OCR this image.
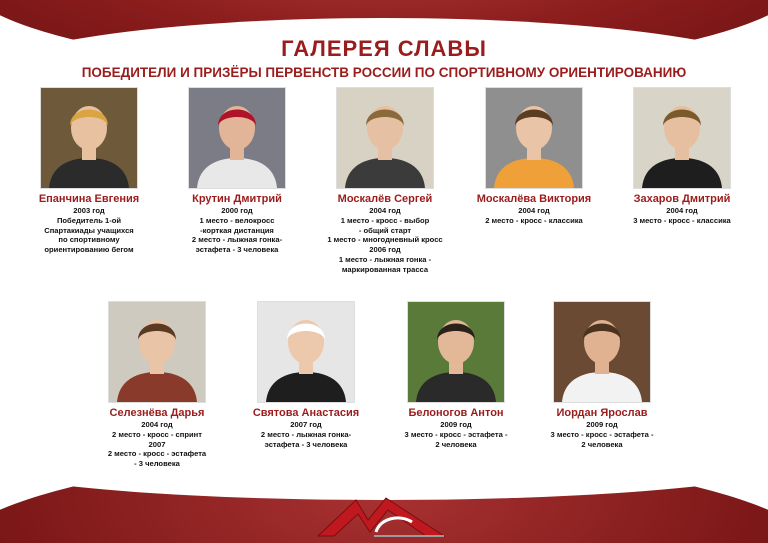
ГАЛЕРЕЯ СЛАВЫ
ПОБЕДИТЕЛИ И ПРИЗЁРЫ ПЕРВЕНСТВ РОССИИ ПО СПОРТИВНОМУ ОРИЕНТИРОВАНИЮ
Епанчина Евгения
2003 год
Победитель 1-ой
Спартакиады учащихся
по спортивному
ориентированию бегом
Крутин Дмитрий
2000 год
1 место - велокросс
-корткая дистанция
2 место - лыжная гонка-
эстафета - 3 человека
Москалёв Сергей
2004 год
1 место - кросс - выбор
- общий старт
1 место - многодневный кросс
2006 год
1 место - лыжная гонка -
маркированная трасса
Москалёва Виктория
2004 год
2 место - кросс - классика
Захаров Дмитрий
2004 год
3 место - кросс - классика
Селезнёва Дарья
2004 год
2 место - кросс - спринт
2007
2 место - кросс - эстафета
- 3 человека
Святова Анастасия
2007 год
2 место - лыжная гонка-
эстафета - 3 человека
Белоногов Антон
2009 год
3 место - кросс - эстафета -
2 человека
Иордан Ярослав
2009 год
3 место - кросс - эстафета -
2 человека
